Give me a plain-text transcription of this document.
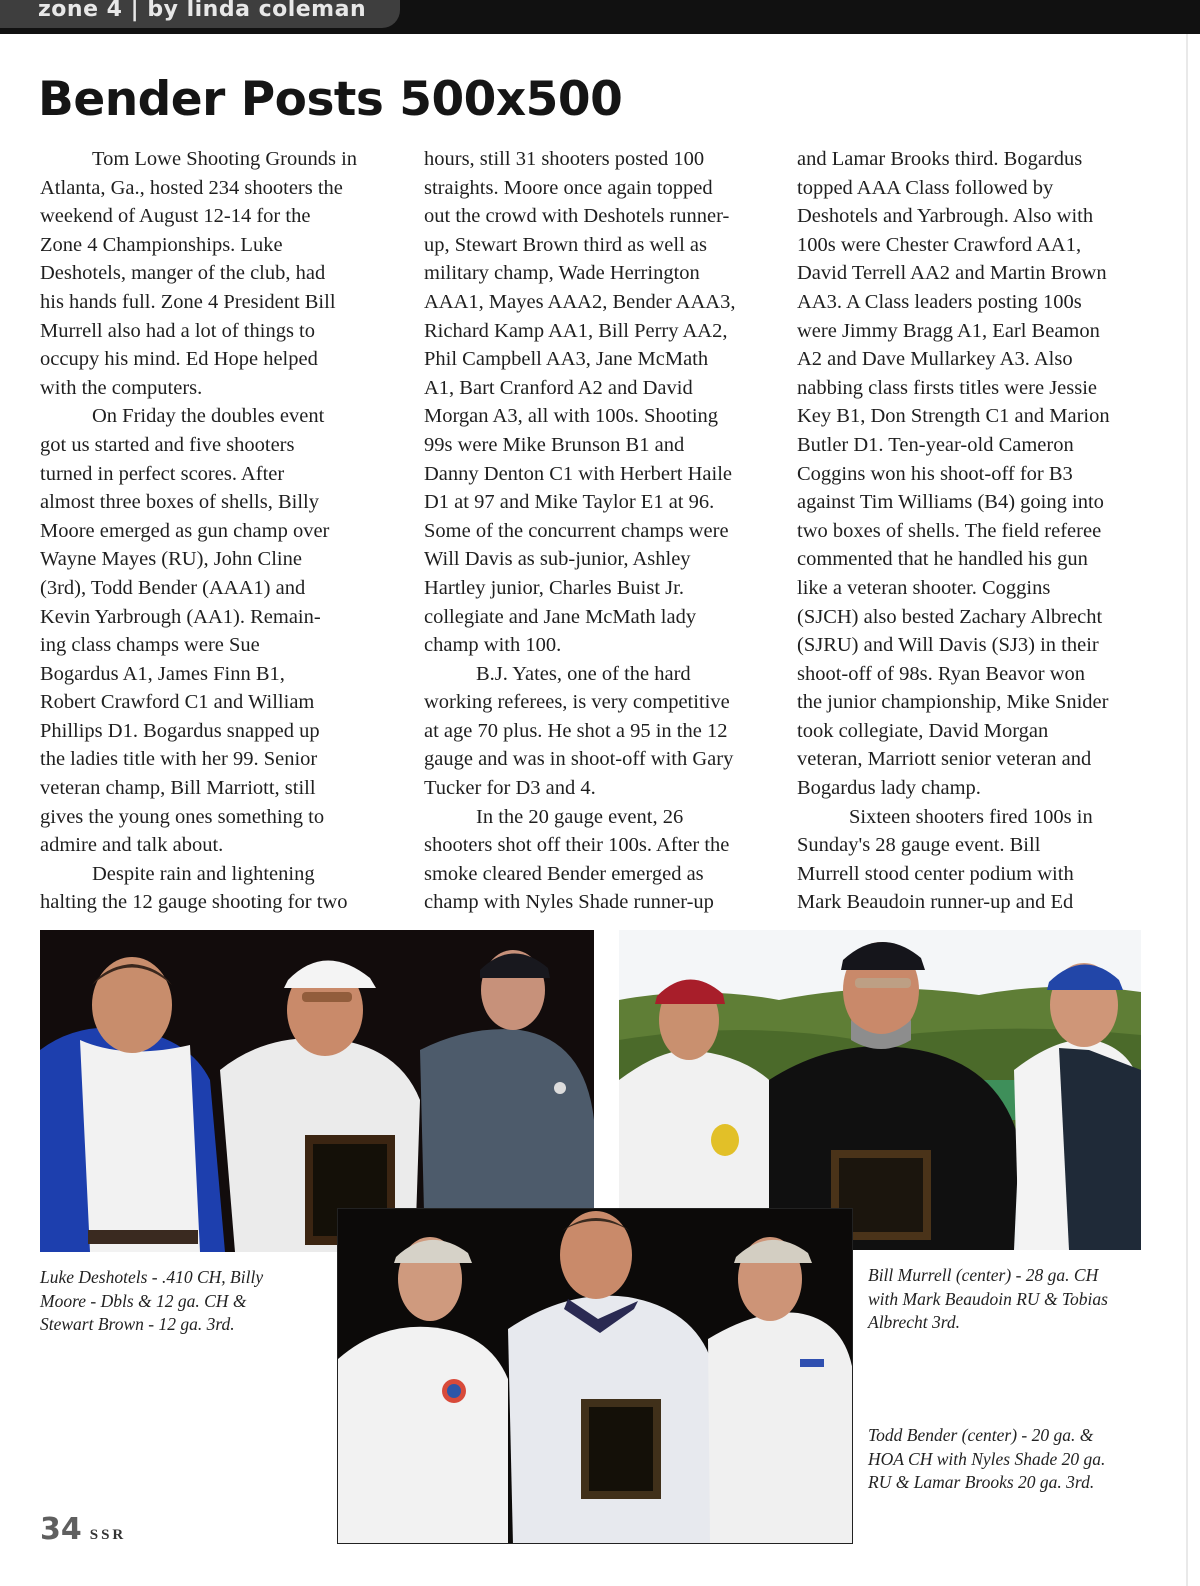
zone 4 | by linda coleman
Bender Posts 500x500

Tom Lowe Shooting Grounds in
Atlanta, Ga., hosted 234 shooters the
weekend of August 12-14 for the
Zone 4 Championships. Luke
Deshotels, manger of the club, had
his hands full. Zone 4 President Bill
Murrell also had a lot of things to
occupy his mind. Ed Hope helped
with the computers.

On Friday the doubles event
got us started and five shooters
turned in perfect scores. After
almost three boxes of shells, Billy
Moore emerged as gun champ over
Wayne Mayes (RU), John Cline
(3rd), Todd Bender (AAA1) and
Kevin Yarbrough (AA1). Remain-
ing class champs were Sue
Bogardus A1, James Finn B1,
Robert Crawford C1 and William
Phillips D1. Bogardus snapped up
the ladies title with her 99. Senior
veteran champ, Bill Marriott, still
gives the young ones something to
admire and talk about.

Despite rain and lightening
halting the 12 gauge shooting for two

hours, still 31 shooters posted 100
straights. Moore once again topped
out the crowd with Deshotels runner-
up, Stewart Brown third as well as
military champ, Wade Herrington
AAA1, Mayes AAA2, Bender AAA3,
Richard Kamp AA1, Bill Perry AA2,
Phil Campbell AA3, Jane McMath
A1, Bart Cranford A2 and David
Morgan A3, all with 100s. Shooting
99s were Mike Brunson B1 and
Danny Denton C1 with Herbert Haile
D1 at 97 and Mike Taylor E1 at 96.
Some of the concurrent champs were
Will Davis as sub-junior, Ashley
Hartley junior, Charles Buist Jr.
collegiate and Jane McMath lady
champ with 100.

B.J. Yates, one of the hard
working referees, is very competitive
at age 70 plus. He shot a 95 in the 12
gauge and was in shoot-off with Gary
Tucker for D3 and 4.

In the 20 gauge event, 26
shooters shot off their 100s. After the
smoke cleared Bender emerged as
champ with Nyles Shade runner-up

and Lamar Brooks third. Bogardus
topped AAA Class followed by
Deshotels and Yarbrough. Also with
100s were Chester Crawford AA1,
David Terrell AA2 and Martin Brown
AA3. A Class leaders posting 100s
were Jimmy Bragg A1, Earl Beamon
A2 and Dave Mullarkey A3. Also
nabbing class firsts titles were Jessie
Key B1, Don Strength C1 and Marion
Butler D1. Ten-year-old Cameron
Coggins won his shoot-off for B3
against Tim Williams (B4) going into
two boxes of shells. The field referee
commented that he handled his gun
like a veteran shooter. Coggins
(SJCH) also bested Zachary Albrecht
(SJRU) and Will Davis (SJ3) in their
shoot-off of 98s. Ryan Beavor won
the junior championship, Mike Snider
took collegiate, David Morgan
veteran, Marriott senior veteran and
Bogardus lady champ.

Sixteen shooters fired 100s in
Sunday's 28 gauge event. Bill
Murrell stood center podium with
Mark Beaudoin runner-up and Ed

Luke Deshotels - .410 CH, Billy
Moore - Dbls & 12 ga. CH &
Stewart Brown - 12 ga. 3rd.
Bill Murrell (center) - 28 ga. CH
with Mark Beaudoin RU & Tobias
Albrecht 3rd.
Todd Bender (center) - 20 ga. &
HOA CH with Nyles Shade 20 ga.
RU & Lamar Brooks 20 ga. 3rd.
34 SSR
